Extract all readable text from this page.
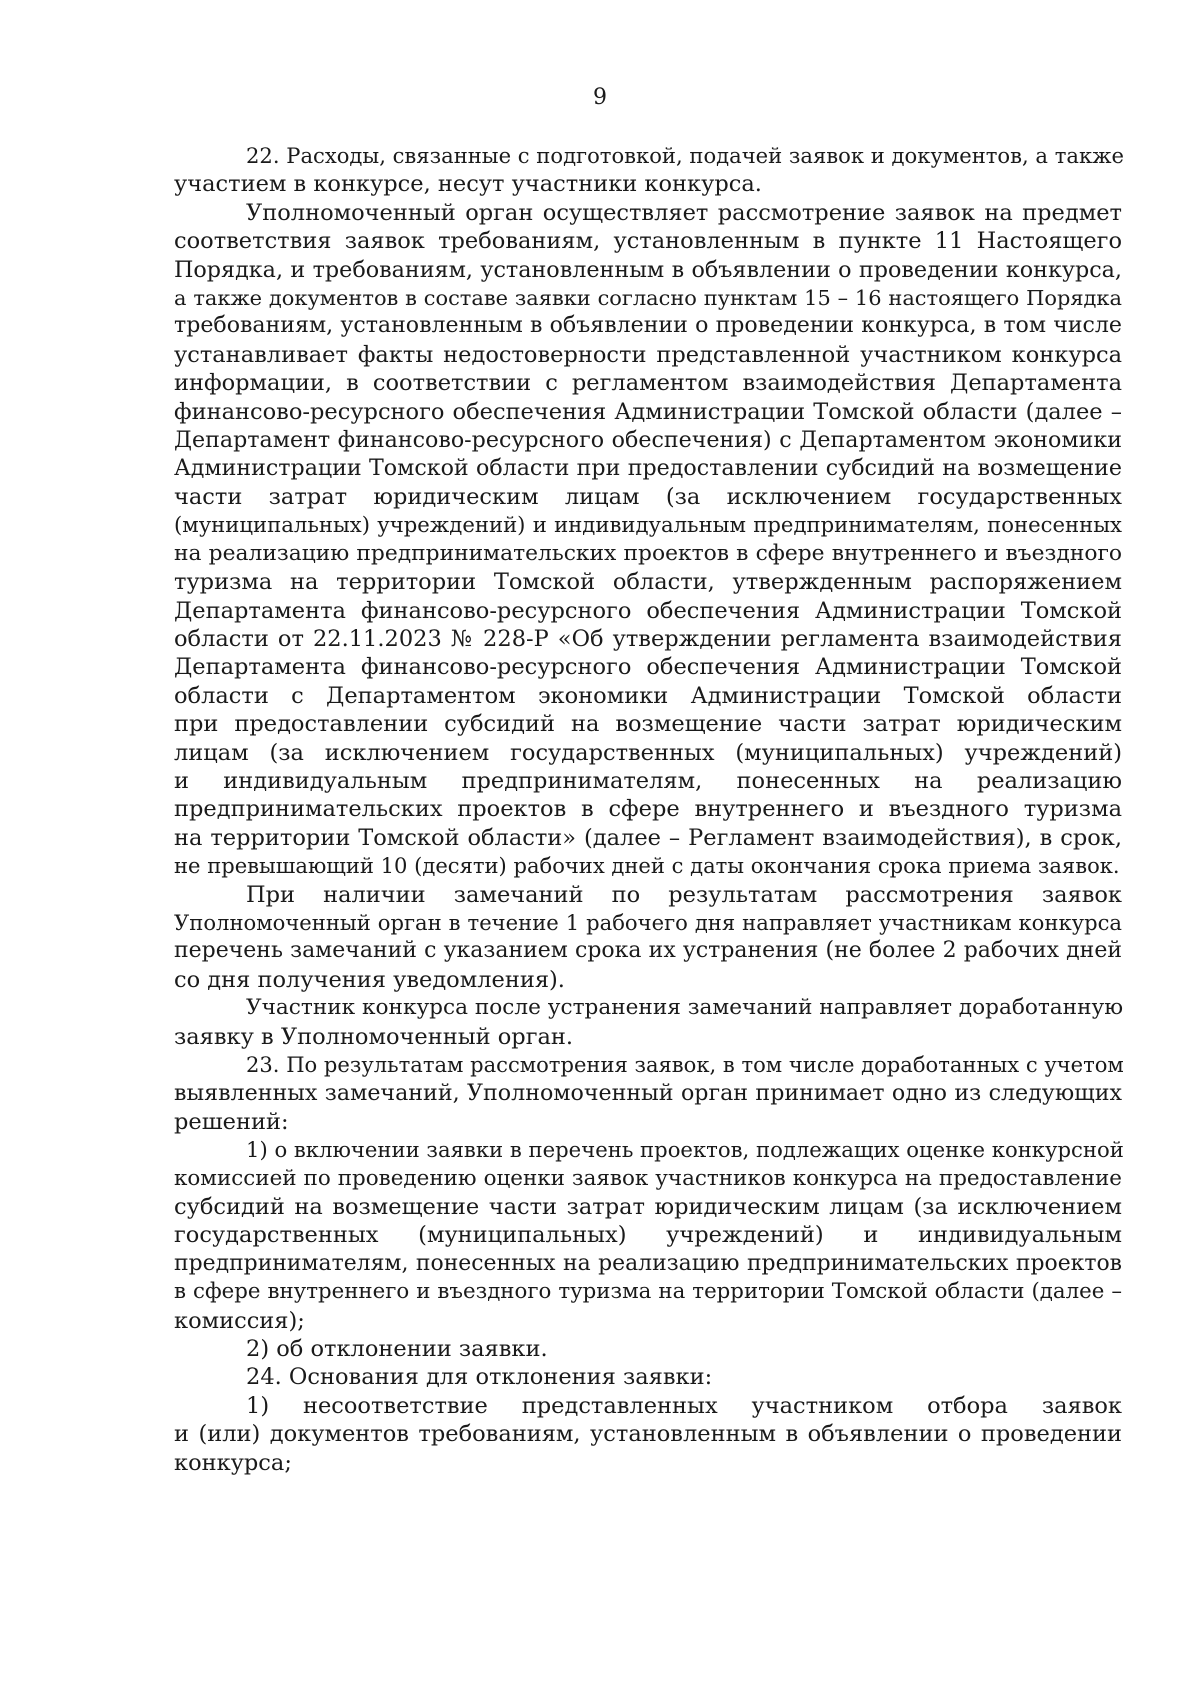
9
22. Расходы, связанные с подготовкой, подачей заявок и документов, а также
участием в конкурсе, несут участники конкурса.
Уполномоченный орган осуществляет рассмотрение заявок на предмет
соответствия заявок требованиям, установленным в пункте 11 Настоящего
Порядка, и требованиям, установленным в объявлении о проведении конкурса,
а также документов в составе заявки согласно пунктам 15 – 16 настоящего Порядка
требованиям, установленным в объявлении о проведении конкурса, в том числе
устанавливает факты недостоверности представленной участником конкурса
информации, в соответствии с регламентом взаимодействия Департамента
финансово-ресурсного обеспечения Администрации Томской области (далее –
Департамент финансово-ресурсного обеспечения) с Департаментом экономики
Администрации Томской области при предоставлении субсидий на возмещение
части затрат юридическим лицам (за исключением государственных
(муниципальных) учреждений) и индивидуальным предпринимателям, понесенных
на реализацию предпринимательских проектов в сфере внутреннего и въездного
туризма на территории Томской области, утвержденным распоряжением
Департамента финансово-ресурсного обеспечения Администрации Томской
области от 22.11.2023 № 228-Р «Об утверждении регламента взаимодействия
Департамента финансово-ресурсного обеспечения Администрации Томской
области с Департаментом экономики Администрации Томской области
при предоставлении субсидий на возмещение части затрат юридическим
лицам (за исключением государственных (муниципальных) учреждений)
и индивидуальным предпринимателям, понесенных на реализацию
предпринимательских проектов в сфере внутреннего и въездного туризма
на территории Томской области» (далее – Регламент взаимодействия), в срок,
не превышающий 10 (десяти) рабочих дней с даты окончания срока приема заявок.
При наличии замечаний по результатам рассмотрения заявок
Уполномоченный орган в течение 1 рабочего дня направляет участникам конкурса
перечень замечаний с указанием срока их устранения (не более 2 рабочих дней
со дня получения уведомления).
Участник конкурса после устранения замечаний направляет доработанную
заявку в Уполномоченный орган.
23. По результатам рассмотрения заявок, в том числе доработанных с учетом
выявленных замечаний, Уполномоченный орган принимает одно из следующих
решений:
1) о включении заявки в перечень проектов, подлежащих оценке конкурсной
комиссией по проведению оценки заявок участников конкурса на предоставление
субсидий на возмещение части затрат юридическим лицам (за исключением
государственных (муниципальных) учреждений) и индивидуальным
предпринимателям, понесенных на реализацию предпринимательских проектов
в сфере внутреннего и въездного туризма на территории Томской области (далее –
комиссия);
2) об отклонении заявки.
24. Основания для отклонения заявки:
1) несоответствие представленных участником отбора заявок
и (или) документов требованиям, установленным в объявлении о проведении
конкурса;
